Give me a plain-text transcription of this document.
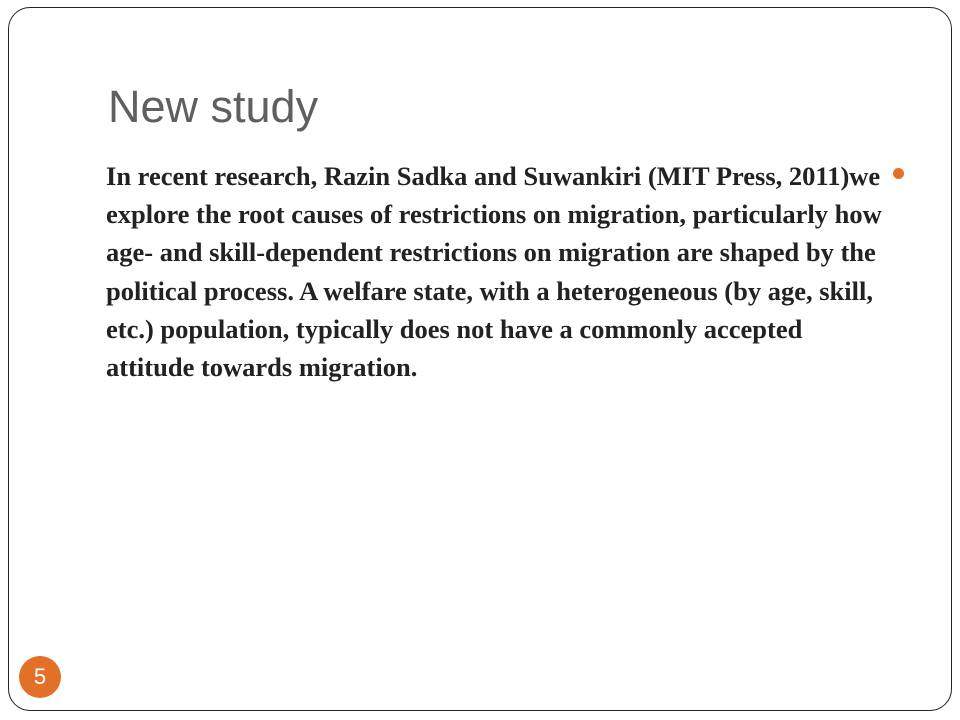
New study

In recent research, Razin Sadka and Suwankiri (MIT Press, 2011)we explore the root causes of restrictions on migration, particularly how age- and skill-dependent restrictions on migration are shaped by the political process. A welfare state, with a heterogeneous (by age, skill, etc.) population, typically does not have a commonly accepted attitude towards migration.

5
